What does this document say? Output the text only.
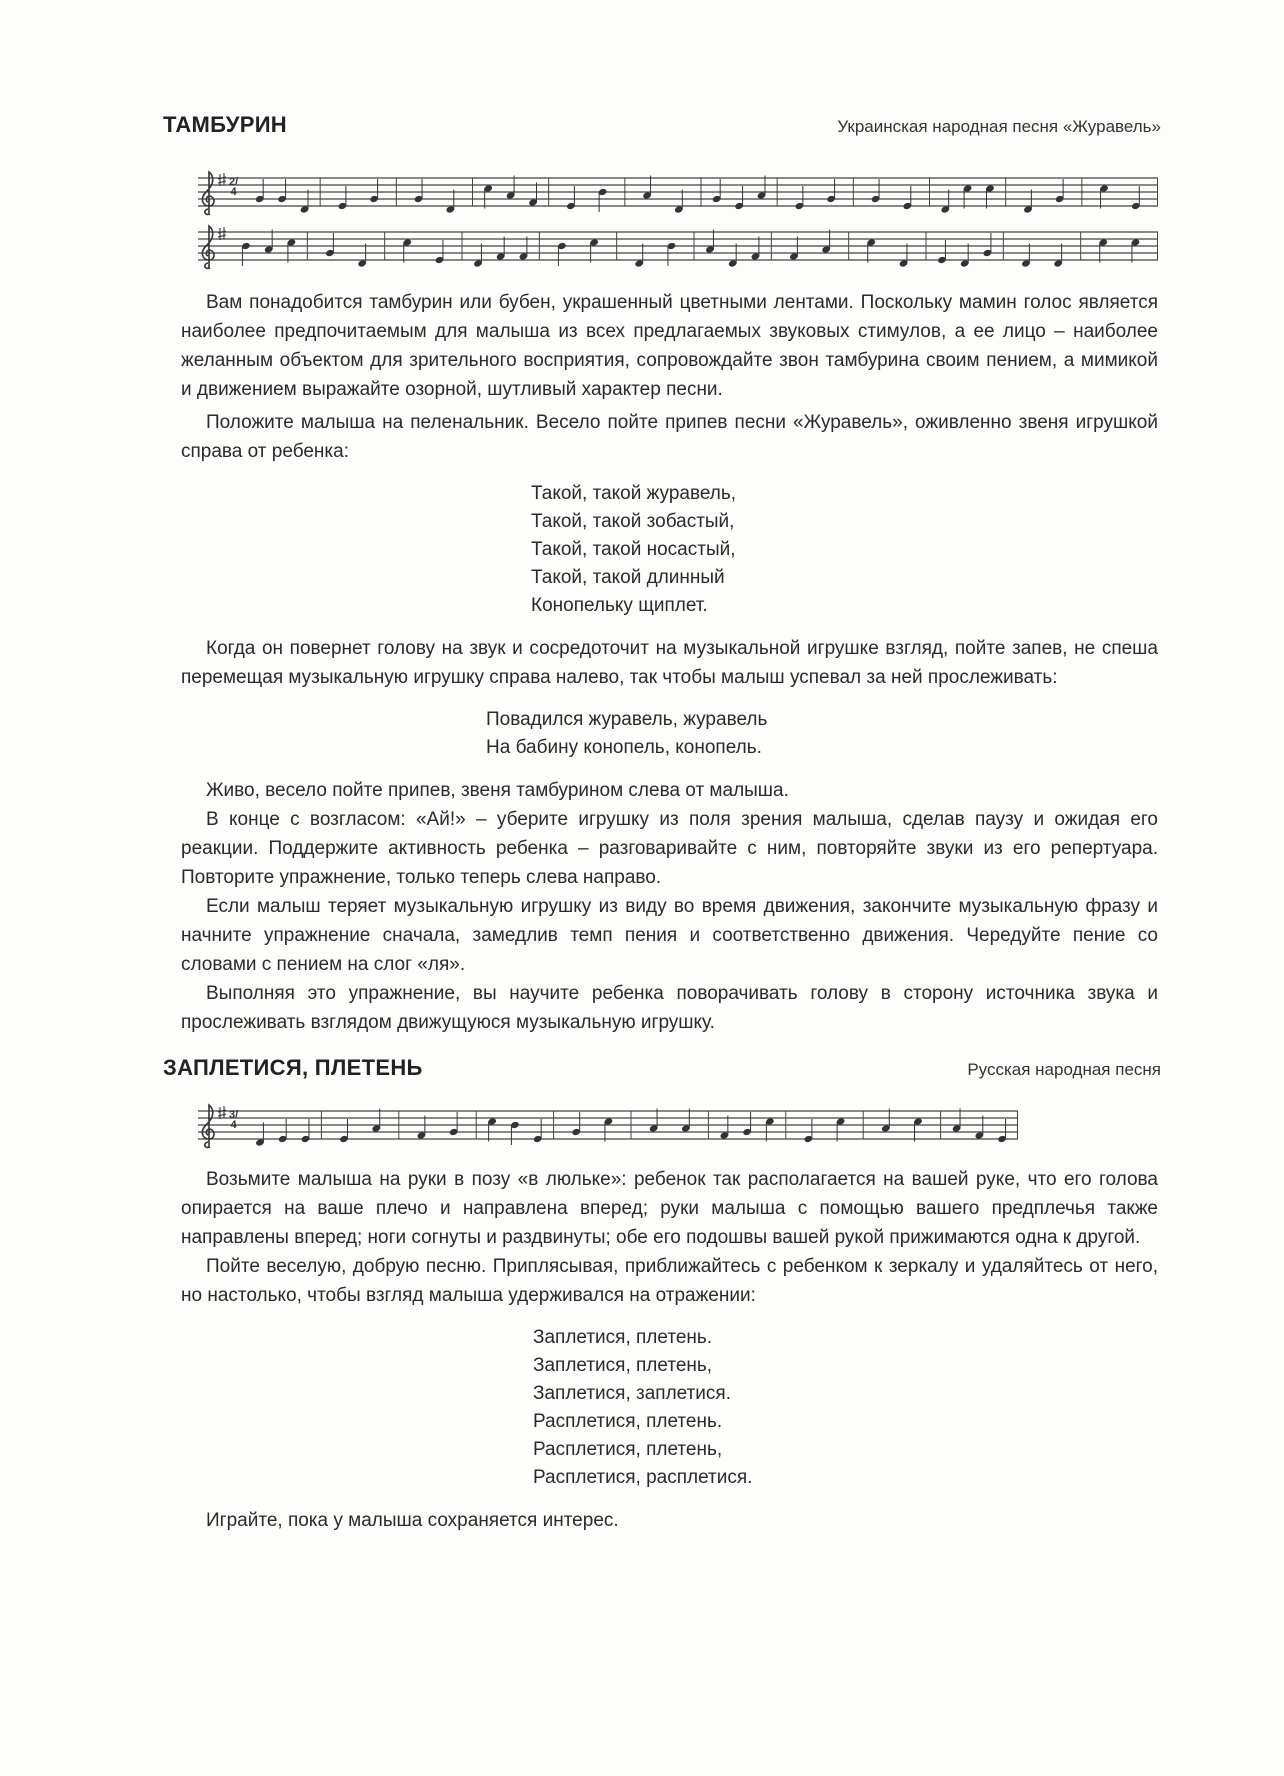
ТАМБУРИН	Украинская народная песня «Журавель»
2/4

Вам понадобится тамбурин или бубен, украшенный цветными лентами. Поскольку мамин голос является наиболее предпочитаемым для малыша из всех предлагаемых звуковых стимулов, а ее лицо – наиболее желанным объектом для зрительного восприятия, сопровождайте звон тамбурина своим пением, а мимикой и движением выражайте озорной, шутливый характер песни.

Положите малыша на пеленальник. Весело пойте припев песни «Журавель», оживленно звеня игрушкой справа от ребенка:

Такой, такой журавель,
Такой, такой зобастый,
Такой, такой носастый,
Такой, такой длинный
Конопельку щиплет.

Когда он повернет голову на звук и сосредоточит на музыкальной игрушке взгляд, пойте запев, не спеша перемещая музыкальную игрушку справа налево, так чтобы малыш успевал за ней прослеживать:

Повадился журавель, журавель
На бабину конопель, конопель.

Живо, весело пойте припев, звеня тамбурином слева от малыша.

В конце с возгласом: «Ай!» – уберите игрушку из поля зрения малыша, сделав паузу и ожидая его реакции. Поддержите активность ребенка – разговаривайте с ним, повторяйте звуки из его репертуара. Повторите упражнение, только теперь слева направо.

Если малыш теряет музыкальную игрушку из виду во время движения, закончите музыкальную фразу и начните упражнение сначала, замедлив темп пения и соответственно движения. Чередуйте пение со словами с пением на слог «ля».

Выполняя это упражнение, вы научите ребенка поворачивать голову в сторону источника звука и прослеживать взглядом движущуюся музыкальную игрушку.

ЗАПЛЕТИСЯ, ПЛЕТЕНЬ	Русская народная песня
3/4

Возьмите малыша на руки в позу «в люльке»: ребенок так располагается на вашей руке, что его голова опирается на ваше плечо и направлена вперед; руки малыша с помощью вашего предплечья также направлены вперед; ноги согнуты и раздвинуты; обе его подошвы вашей рукой прижимаются одна к другой.

Пойте веселую, добрую песню. Приплясывая, приближайтесь с ребенком к зеркалу и удаляйтесь от него, но настолько, чтобы взгляд малыша удерживался на отражении:

Заплетися, плетень.
Заплетися, плетень,
Заплетися, заплетися.
Расплетися, плетень.
Расплетися, плетень,
Расплетися, расплетися.

Играйте, пока у малыша сохраняется интерес.
